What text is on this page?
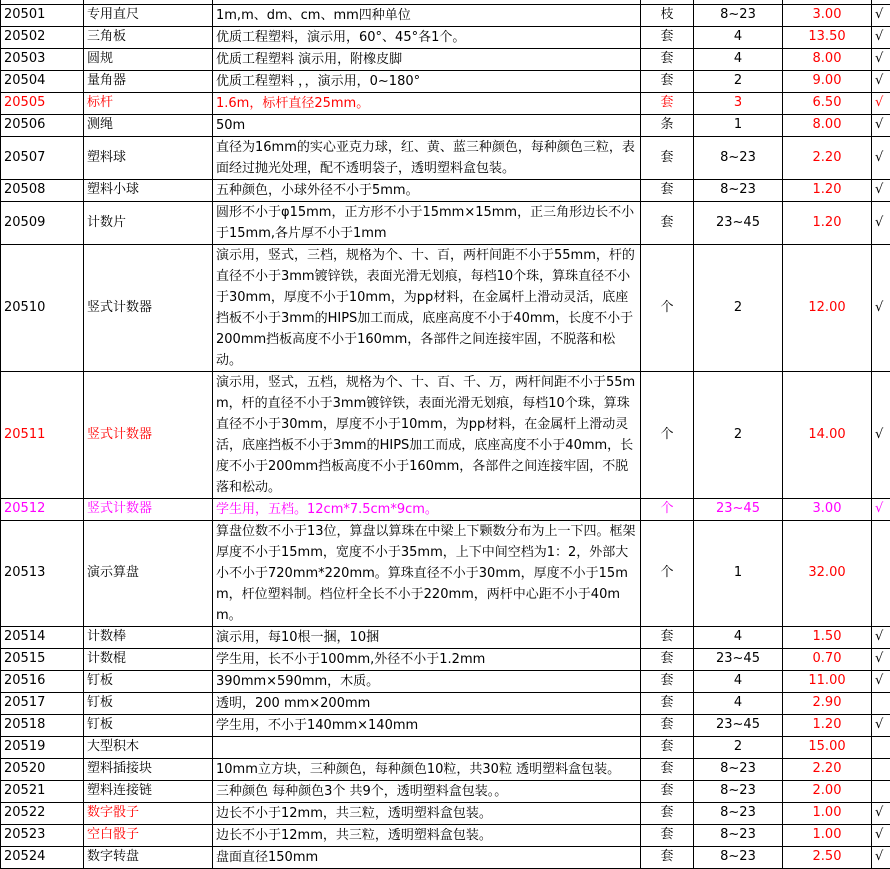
20501	专用直尺	1m,m、dm、cm、mm四种单位	枝	8~23	3.00	√
20502	三角板	优质工程塑料，演示用，60°、45°各1个。	套	4	13.50	√
20503	圆规	优质工程塑料 演示用，附橡皮脚	套	4	8.00	√
20504	量角器	优质工程塑料 ，，演示用，0~180°	套	2	9.00	√
20505	标杆	1.6m，标杆直径25mm。	套	3	6.50	√
20506	测绳	50m	条	1	8.00	√
20507	塑料球	直径为16mm的实心亚克力球，红、黄、蓝三种颜色，每种颜色三粒，表面经过抛光处理，配不透明袋子，透明塑料盒包装。	套	8~23	2.20	√
20508	塑料小球	五种颜色，小球外径不小于5mm。	套	8~23	1.20	√
20509	计数片	圆形不小于φ15mm，正方形不小于15mm×15mm，正三角形边长不小于15mm,各片厚不小于1mm	套	23~45	1.20	√
20510	竖式计数器	演示用，竖式，三档，规格为个、十、百，两杆间距不小于55mm，杆的直径不小于3mm镀锌铁，表面光滑无划痕，每档10个珠，算珠直径不小于30mm，厚度不小于10mm，为pp材料，在金属杆上滑动灵活，底座挡板不小于3mm的HIPS加工而成，底座高度不小于40mm，长度不小于200mm挡板高度不小于160mm，各部件之间连接牢固，不脱落和松动。	个	2	12.00	√
20511	竖式计数器	演示用，竖式，五档，规格为个、十、百、千、万，两杆间距不小于55mm，杆的直径不小于3mm镀锌铁，表面光滑无划痕，每档10个珠，算珠直径不小于30mm，厚度不小于10mm，为pp材料，在金属杆上滑动灵活，底座挡板不小于3mm的HIPS加工而成，底座高度不小于40mm，长度不小于200mm挡板高度不小于160mm，各部件之间连接牢固，不脱落和松动。	个	2	14.00	√
20512	竖式计数器	学生用，五档。12cm*7.5cm*9cm。	个	23~45	3.00	√
20513	演示算盘	算盘位数不小于13位，算盘以算珠在中梁上下颗数分布为上一下四。框架厚度不小于15mm，宽度不小于35mm，上下中间空档为1：2，外部大小不小于720mm*220mm。算珠直径不小于30mm，厚度不小于15mm，杆位塑料制。档位杆全长不小于220mm，两杆中心距不小于40mm。	个	1	32.00	
20514	计数棒	演示用，每10根一捆，10捆	套	4	1.50	√
20515	计数棍	学生用，长不小于100mm,外径不小于1.2mm	套	23~45	0.70	√
20516	钉板	390mm×590mm，木质。	套	4	11.00	√
20517	钉板	透明，200 mm×200mm	套	4	2.90	
20518	钉板	学生用，不小于140mm×140mm	套	23~45	1.20	√
20519	大型积木		套	2	15.00	
20520	塑料插接块	10mm立方块，三种颜色，每种颜色10粒，共30粒 透明塑料盒包装。	套	8~23	2.20	
20521	塑料连接链	三种颜色 每种颜色3个 共9个，透明塑料盒包装。。	套	8~23	2.00	
20522	数字骰子	边长不小于12mm，共三粒，透明塑料盒包装。	套	8~23	1.00	√
20523	空白骰子	边长不小于12mm，共三粒，透明塑料盒包装。	套	8~23	1.00	√
20524	数字转盘	盘面直径150mm	套	8~23	2.50	√
